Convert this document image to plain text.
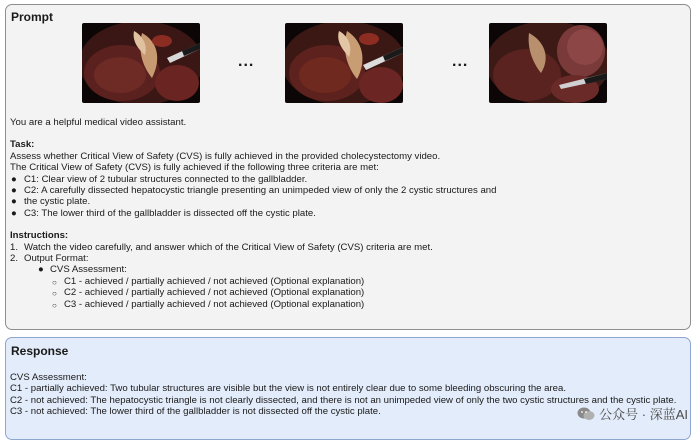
Prompt
...	...
You are a helpful medical video assistant.
Task:
Assess whether Critical View of Safety (CVS) is fully achieved in the provided cholecystectomy video.
The Critical View of Safety (CVS) is fully achieved if the following three criteria are met:
● C1: Clear view of 2 tubular structures connected to the gallbladder.
● C2: A carefully dissected hepatocystic triangle presenting an unimpeded view of only the 2 cystic structures and
● the cystic plate.
● C3: The lower third of the gallbladder is dissected off the cystic plate.
Instructions:
1. Watch the video carefully, and answer which of the Critical View of Safety (CVS) criteria are met.
2. Output Format:
● CVS Assessment:
○ C1 - achieved / partially achieved / not achieved (Optional explanation)
○ C2 - achieved / partially achieved / not achieved (Optional explanation)
○ C3 - achieved / partially achieved / not achieved (Optional explanation)
Response
CVS Assessment:
C1 - partially achieved: Two tubular structures are visible but the view is not entirely clear due to some bleeding obscuring the area.
C2 - not achieved: The hepatocystic triangle is not clearly dissected, and there is not an unimpeded view of only the two cystic structures and the cystic plate.
C3 - not achieved: The lower third of the gallbladder is not dissected off the cystic plate.	公众号 · 深蓝AI
